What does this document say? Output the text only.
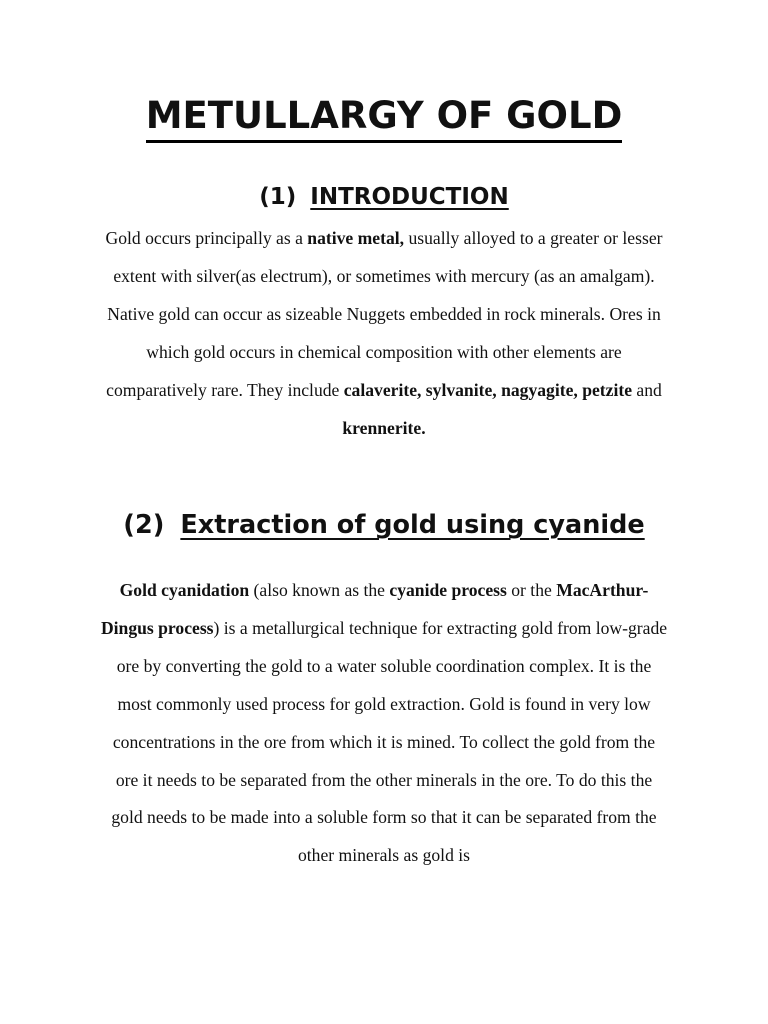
METULLARGY OF GOLD
(1) INTRODUCTION
Gold occurs principally as a native metal, usually alloyed to a greater or lesser extent with silver(as electrum), or sometimes with mercury (as an amalgam). Native gold can occur as sizeable Nuggets embedded in rock minerals. Ores in which gold occurs in chemical composition with other elements are comparatively rare. They include calaverite, sylvanite, nagyagite, petzite and krennerite.
(2) Extraction of gold using cyanide
Gold cyanidation (also known as the cyanide process or the MacArthur-Dingus process) is a metallurgical technique for extracting gold from low-grade ore by converting the gold to a water soluble coordination complex. It is the most commonly used process for gold extraction. Gold is found in very low concentrations in the ore from which it is mined. To collect the gold from the ore it needs to be separated from the other minerals in the ore. To do this the gold needs to be made into a soluble form so that it can be separated from the other minerals as gold is
